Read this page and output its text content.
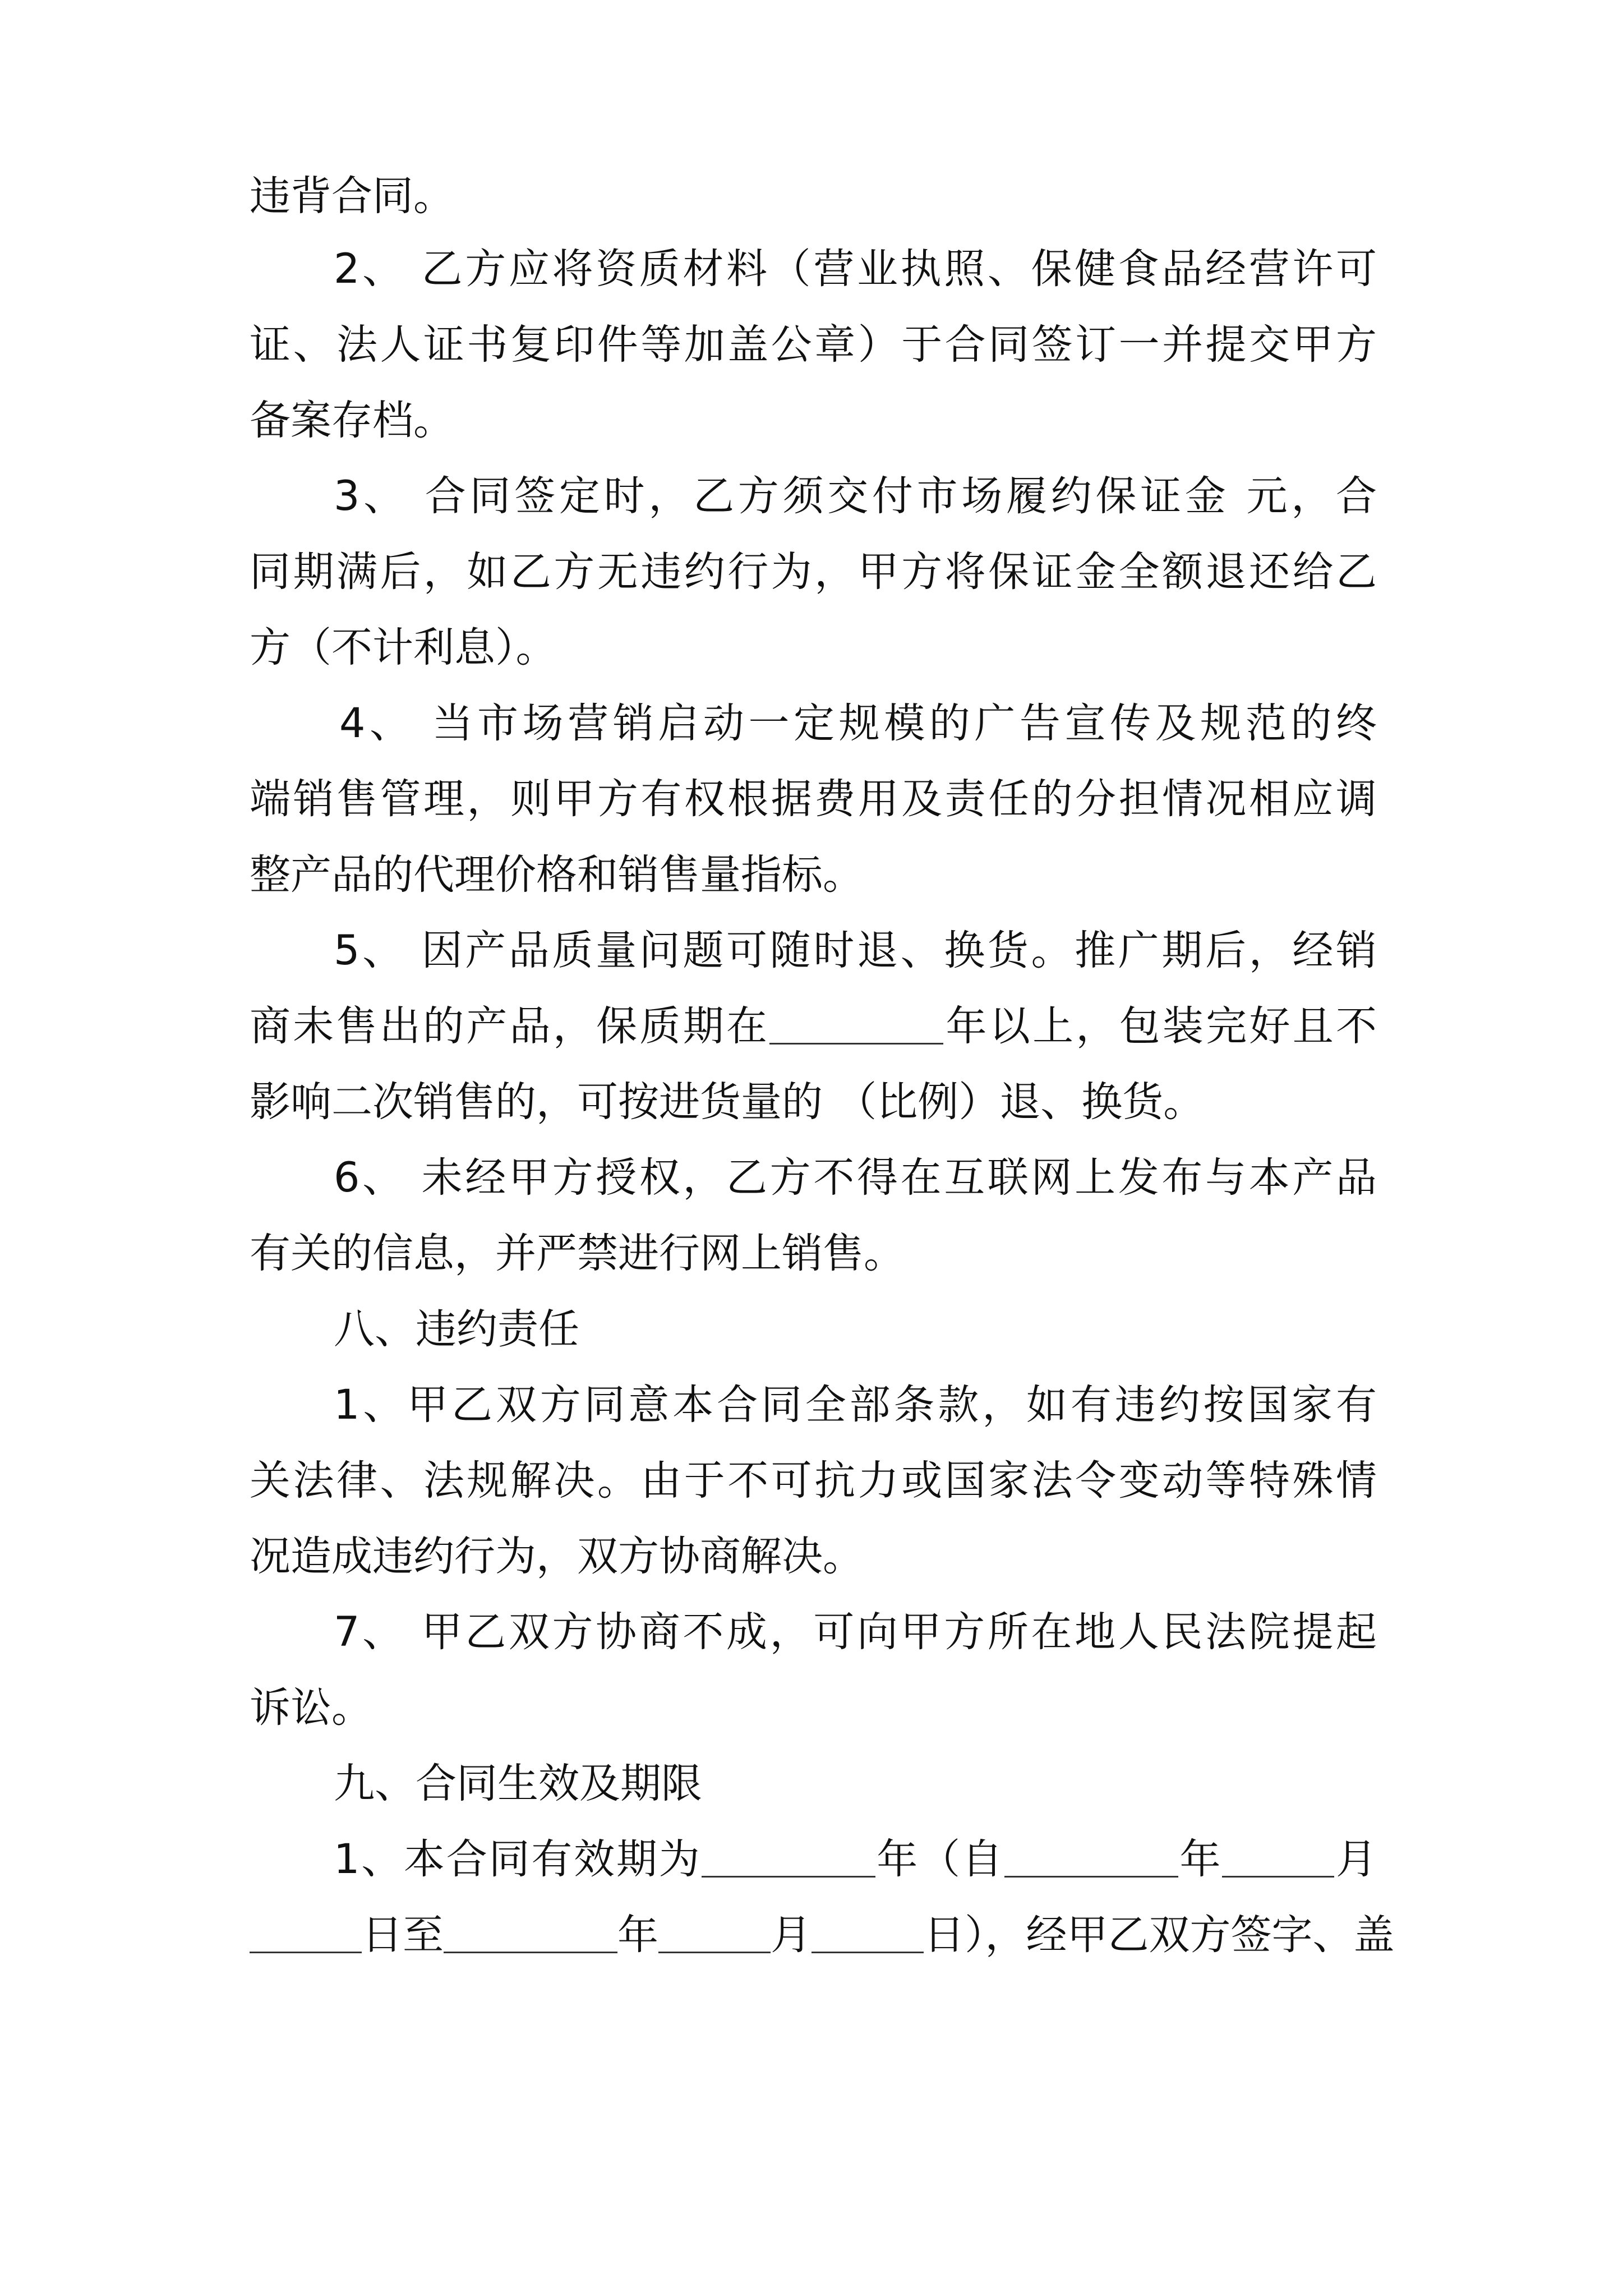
违背合同。
2、 乙方应将资质材料（营业执照、保健食品经营许可
证、法人证书复印件等加盖公章）于合同签订一并提交甲方
备案存档。
3、 合同签定时，乙方须交付市场履约保证金 元，合
同期满后，如乙方无违约行为，甲方将保证金全额退还给乙
方（不计利息）。
4、 当市场营销启动一定规模的广告宣传及规范的终
端销售管理，则甲方有权根据费用及责任的分担情况相应调
整产品的代理价格和销售量指标。
5、 因产品质量问题可随时退、换货。推广期后，经销
商未售出的产品，保质期在	年以上，包装完好且不
影响二次销售的，可按进货量的 （比例）退、换货。
6、 未经甲方授权，乙方不得在互联网上发布与本产品
有关的信息，并严禁进行网上销售。
八、违约责任
1、甲乙双方同意本合同全部条款，如有违约按国家有
关法律、法规解决。由于不可抗力或国家法令变动等特殊情
况造成违约行为，双方协商解决。
7、 甲乙双方协商不成，可向甲方所在地人民法院提起
诉讼。
九、合同生效及期限
1、本合同有效期为	年（自	年	月
日至	年	月	日），经甲乙双方签字、盖
